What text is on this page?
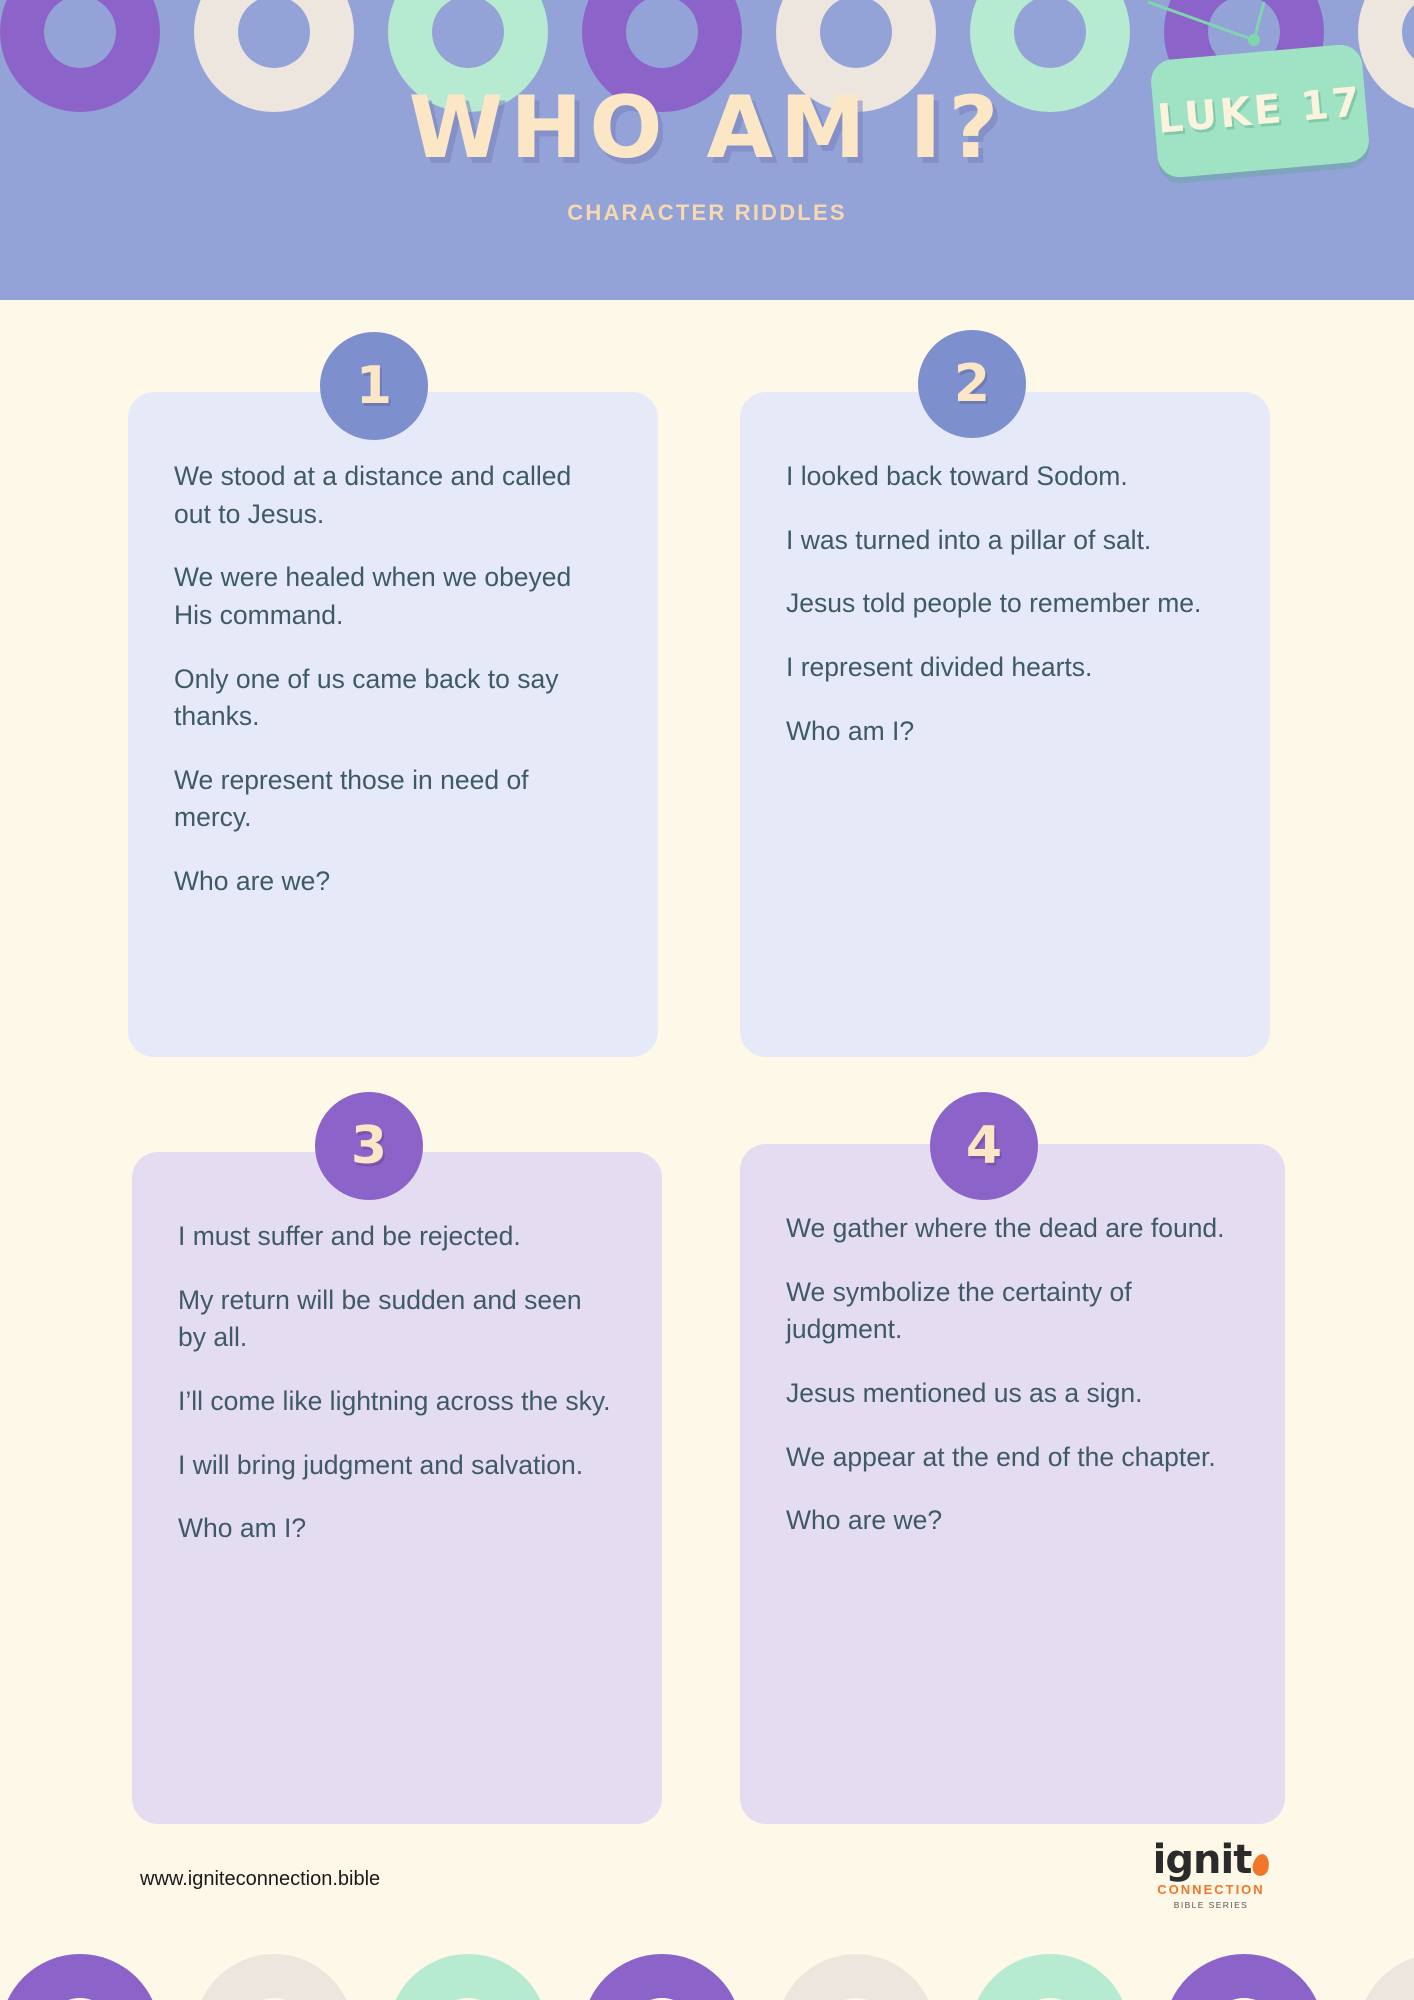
WHO AM I?
CHARACTER RIDDLES
LUKE 17
1

We stood at a distance and called out to Jesus.

We were healed when we obeyed His command.

Only one of us came back to say thanks.

We represent those in need of mercy.

Who are we?

2

I looked back toward Sodom.

I was turned into a pillar of salt.

Jesus told people to remember me.

I represent divided hearts.

Who am I?

3

I must suffer and be rejected.

My return will be sudden and seen by all.

I’ll come like lightning across the sky.

I will bring judgment and salvation.

Who am I?

4

We gather where the dead are found.

We symbolize the certainty of judgment.

Jesus mentioned us as a sign.

We appear at the end of the chapter.

Who are we?

www.igniteconnection.bible	ignit
CONNECTION
BIBLE SERIES
